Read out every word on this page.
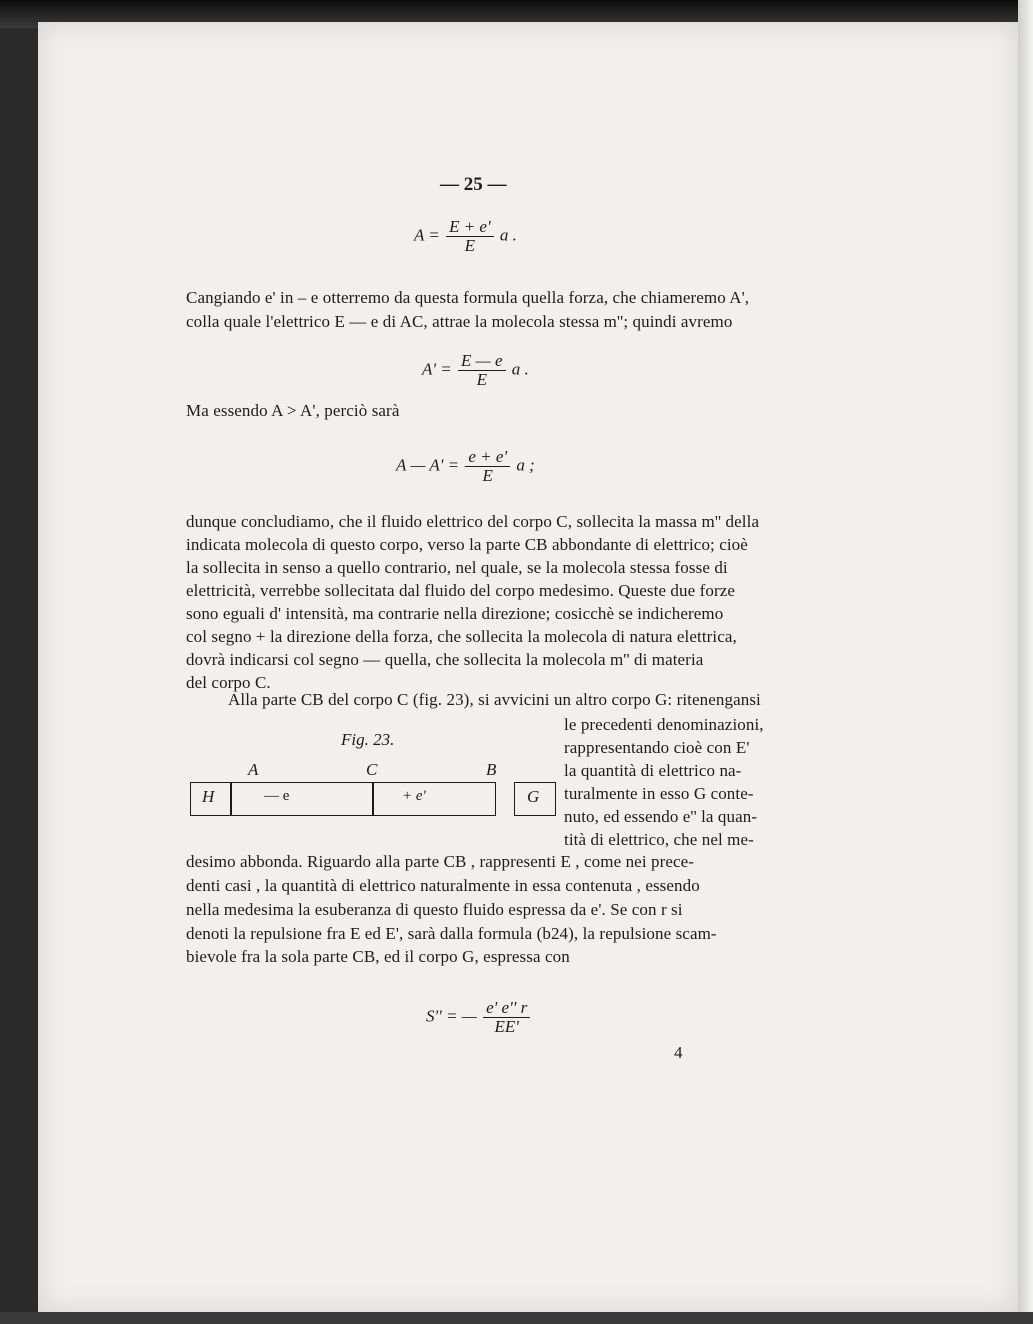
— 25 —
$A = \frac{E + e'}{E}$ a .
Cangiando e' in – e otterremo da questa formula quella forza, che chiameremo A',
colla quale l'elettrico E — e di AC, attrae la molecola stessa m''; quindi avremo
$A' = \frac{E — e}{E}$ a .
Ma essendo A > A', perciò sarà
A — $A' = \frac{e + e'}{E}$ a ;
dunque concludiamo, che il fluido elettrico del corpo C, sollecita la massa m'' della
indicata molecola di questo corpo, verso la parte CB abbondante di elettrico; cioè
la sollecita in senso a quello contrario, nel quale, se la molecola stessa fosse di
elettricità, verrebbe sollecitata dal fluido del corpo medesimo. Queste due forze
sono eguali d' intensità, ma contrarie nella direzione; cosicchè se indicheremo
col segno + la direzione della forza, che sollecita la molecola di natura elettrica,
dovrà indicarsi col segno — quella, che sollecita la molecola m'' di materia
del corpo C.
Alla parte CB del corpo C (fig. 23), si avvicini un altro corpo G: ritenengansi
le precedenti denominazioni,
rappresentando cioè con E'
la quantità di elettrico na-
turalmente in esso G conte-
nuto, ed essendo e'' la quan-
tità di elettrico, che nel me-
Fig. 23.
A	C	B
H	— e	+ e'	G
desimo abbonda. Riguardo alla parte CB , rappresenti E , come nei prece-
denti casi , la quantità di elettrico naturalmente in essa contenuta , essendo
nella medesima la esuberanza di questo fluido espressa da e'. Se con r si
denoti la repulsione fra E ed E', sarà dalla formula (b24), la repulsione scam-
bievole fra la sola parte CB, ed il corpo G, espressa con
S'' = — $\frac{e' e'' r}{EE'}$
4
